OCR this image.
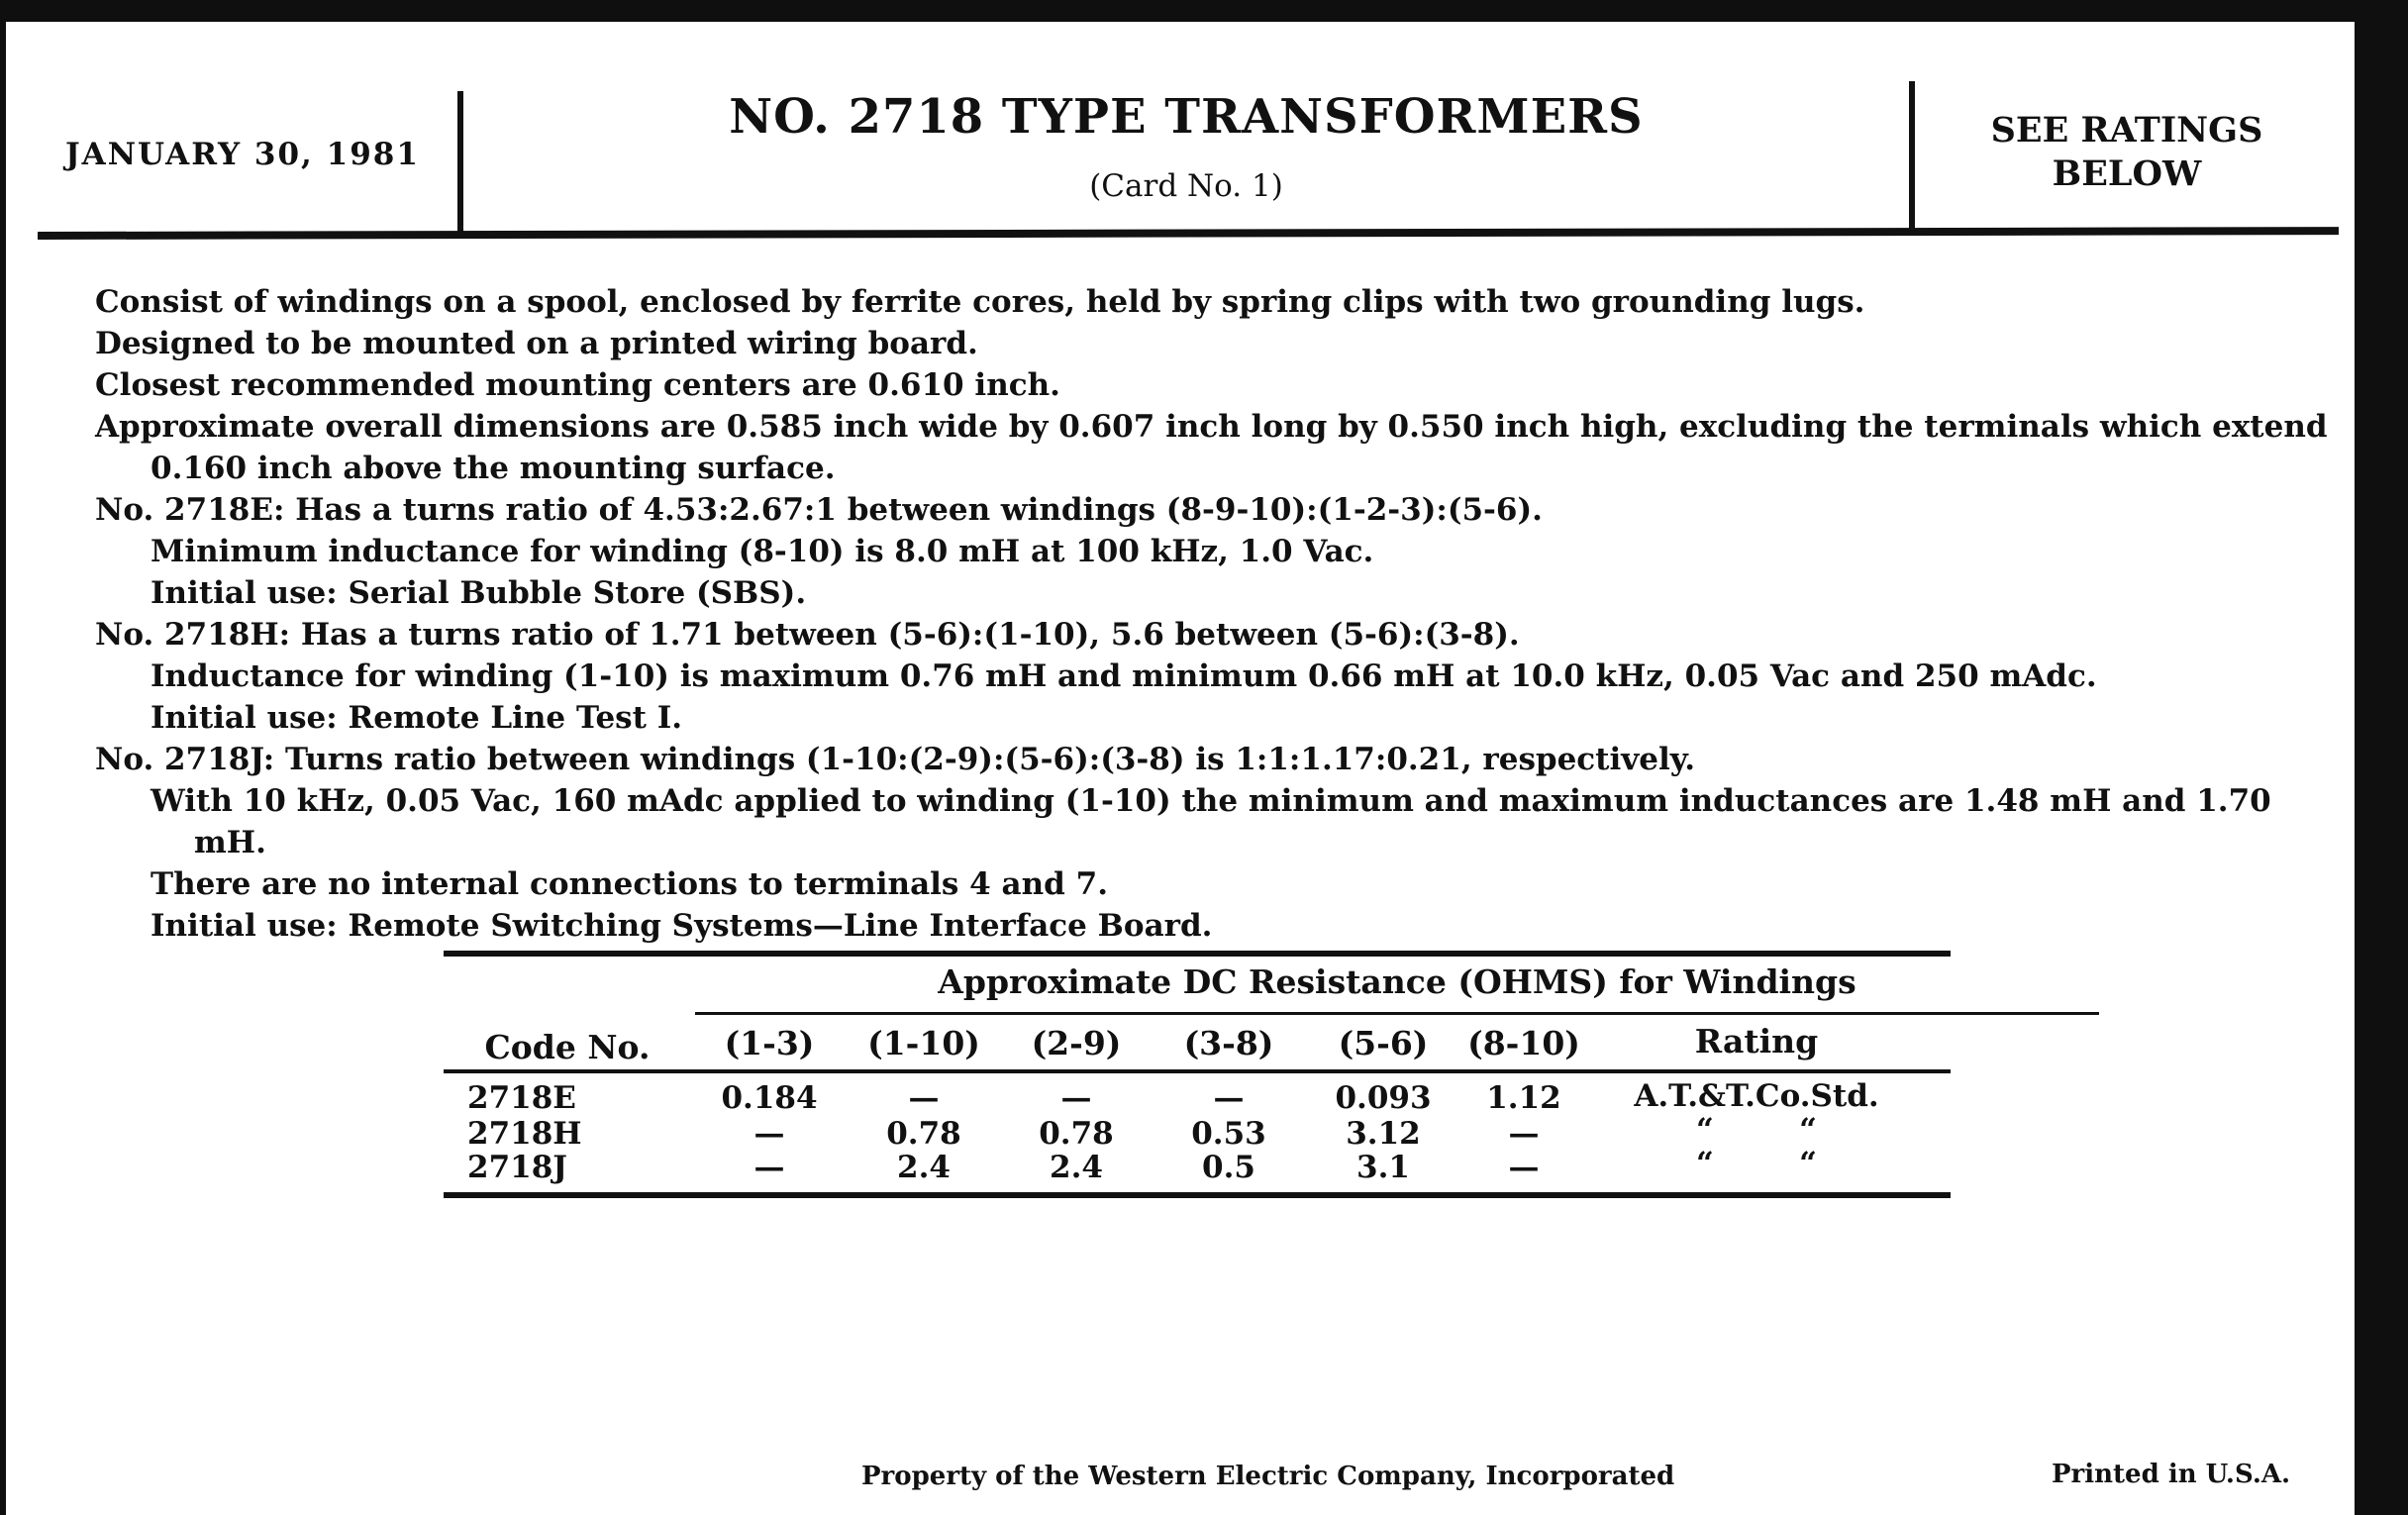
JANUARY 30, 1981
NO. 2718 TYPE TRANSFORMERS
(Card No. 1)
SEE RATINGS
BELOW

Consist of windings on a spool, enclosed by ferrite cores, held by spring clips with two grounding lugs.

Designed to be mounted on a printed wiring board.

Closest recommended mounting centers are 0.610 inch.

Approximate overall dimensions are 0.585 inch wide by 0.607 inch long by 0.550 inch high, excluding the terminals which extend 0.160 inch above the mounting surface.

No. 2718E: Has a turns ratio of 4.53:2.67:1 between windings (8-9-10):(1-2-3):(5-6).

Minimum inductance for winding (8-10) is 8.0 mH at 100 kHz, 1.0 Vac.

Initial use: Serial Bubble Store (SBS).

No. 2718H: Has a turns ratio of 1.71 between (5-6):(1-10), 5.6 between (5-6):(3-8).

Inductance for winding (1-10) is maximum 0.76 mH and minimum 0.66 mH at 10.0 kHz, 0.05 Vac and 250 mAdc.

Initial use: Remote Line Test I.

No. 2718J: Turns ratio between windings (1-10:(2-9):(5-6):(3-8) is 1:1:1.17:0.21, respectively.

With 10 kHz, 0.05 Vac, 160 mAdc applied to winding (1-10) the minimum and maximum inductances are 1.48 mH and 1.70 mH.

There are no internal connections to terminals 4 and 7.

Initial use: Remote Switching Systems—Line Interface Board.

Approximate DC Resistance (OHMS) for Windings
Code No.	(1-3)	(1-10)	(2-9)	(3-8)	(5-6)	(8-10)	Rating
2718E	0.184	—	—	—	0.093	1.12	A.T.&T.Co.Std.
2718H	—	0.78	0.78	0.53	3.12	—	“        “
2718J	—	2.4	2.4	0.5	3.1	—	“        “
Property of the Western Electric Company, Incorporated	Printed in U.S.A.
